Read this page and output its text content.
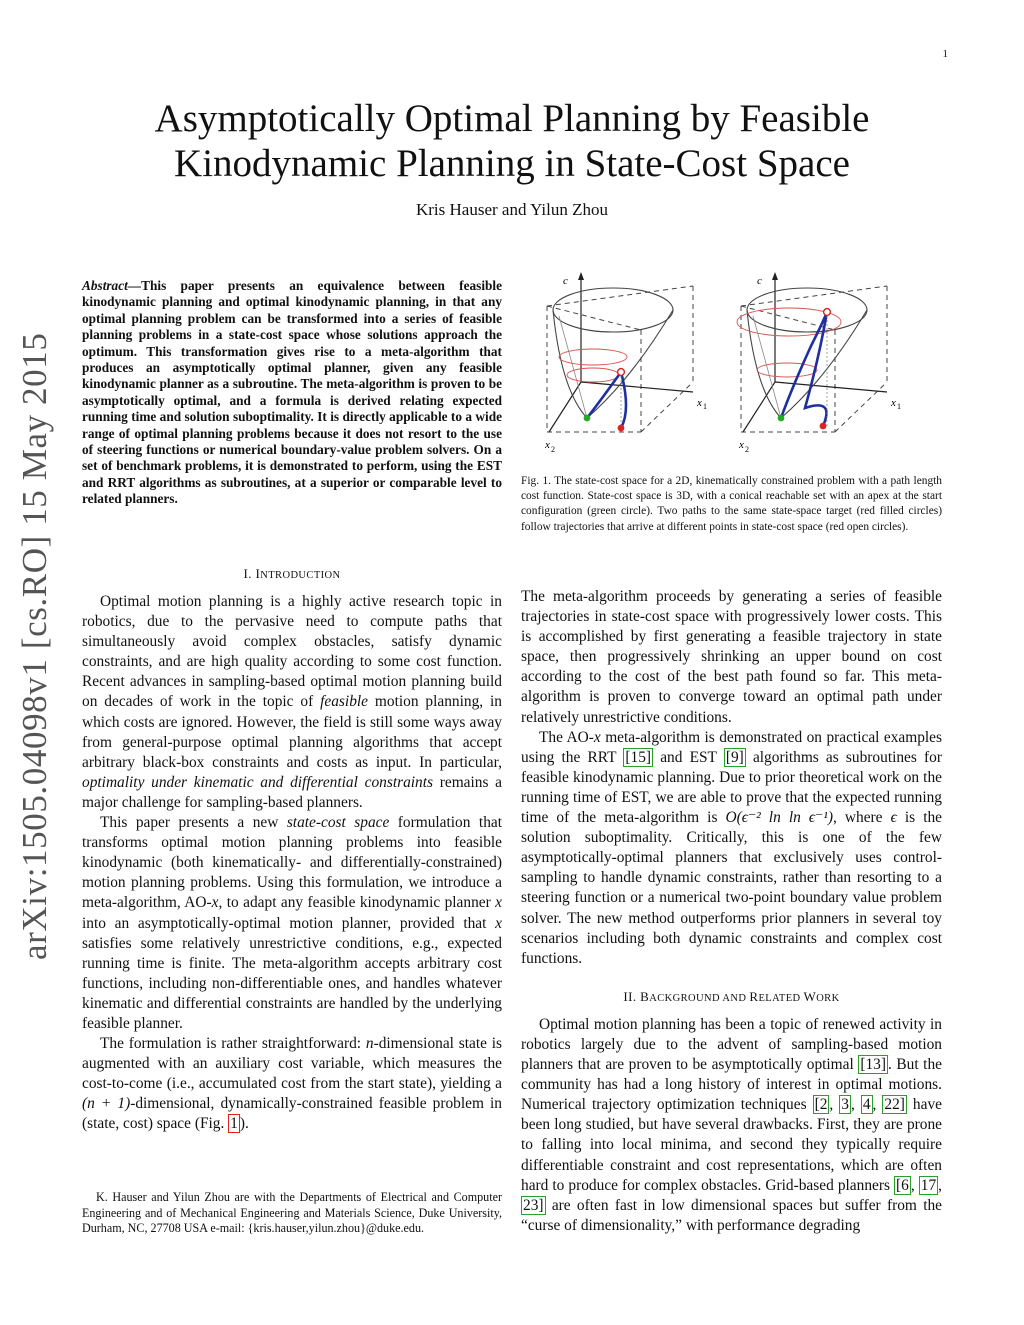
1
Asymptotically Optimal Planning by Feasible
Kinodynamic Planning in State-Cost Space
Kris Hauser and Yilun Zhou
arXiv:1505.04098v1 [cs.RO] 15 May 2015
Abstract—This paper presents an equivalence between feasible kinodynamic planning and optimal kinodynamic planning, in that any optimal planning problem can be transformed into a series of feasible planning problems in a state-cost space whose solutions approach the optimum. This transformation gives rise to a meta-algorithm that produces an asymptotically optimal planner, given any feasible kinodynamic planner as a subroutine. The meta-algorithm is proven to be asymptotically optimal, and a formula is derived relating expected running time and solution suboptimality. It is directly applicable to a wide range of optimal planning problems because it does not resort to the use of steering functions or numerical boundary-value problem solvers. On a set of benchmark problems, it is demonstrated to perform, using the EST and RRT algorithms as subroutines, at a superior or comparable level to related planners.
I. INTRODUCTION

Optimal motion planning is a highly active research topic in robotics, due to the pervasive need to compute paths that simultaneously avoid complex obstacles, satisfy dynamic constraints, and are high quality according to some cost function. Recent advances in sampling-based optimal motion planning build on decades of work in the topic of feasible motion planning, in which costs are ignored. However, the field is still some ways away from general-purpose optimal planning algorithms that accept arbitrary black-box constraints and costs as input. In particular, optimality under kinematic and differential constraints remains a major challenge for sampling-based planners.

This paper presents a new state-cost space formulation that transforms optimal motion planning problems into feasible kinodynamic (both kinematically- and differentially-constrained) motion planning problems. Using this formulation, we introduce a meta-algorithm, AO-x, to adapt any feasible kinodynamic planner x into an asymptotically-optimal motion planner, provided that x satisfies some relatively unrestrictive conditions, e.g., expected running time is finite. The meta-algorithm accepts arbitrary cost functions, including non-differentiable ones, and handles whatever kinematic and differential constraints are handled by the underlying feasible planner.

The formulation is rather straightforward: n-dimensional state is augmented with an auxiliary cost variable, which measures the cost-to-come (i.e., accumulated cost from the start state), yielding a (n + 1)-dimensional, dynamically-constrained feasible problem in (state, cost) space (Fig. 1 ).

K. Hauser and Yilun Zhou are with the Departments of Electrical and Computer Engineering and of Mechanical Engineering and Materials Science, Duke University, Durham, NC, 27708 USA e-mail: {kris.hauser,yilun.zhou}@duke.edu.
c
x 1
x 2
c
x 1
x 2
Fig. 1. The state-cost space for a 2D, kinematically constrained problem with a path length cost function. State-cost space is 3D, with a conical reachable set with an apex at the start configuration (green circle). Two paths to the same state-space target (red filled circles) follow trajectories that arrive at different points in state-cost space (red open circles).

The meta-algorithm proceeds by generating a series of feasible trajectories in state-cost space with progressively lower costs. This is accomplished by first generating a feasible trajectory in state space, then progressively shrinking an upper bound on cost according to the cost of the best path found so far. This meta-algorithm is proven to converge toward an optimal path under relatively unrestrictive conditions.

The AO-x meta-algorithm is demonstrated on practical examples using the RRT [15] and EST [9] algorithms as subroutines for feasible kinodynamic planning. Due to prior theoretical work on the running time of EST, we are able to prove that the expected running time of the meta-algorithm is O(ϵ⁻² ln ln ϵ⁻¹), where ϵ is the solution suboptimality. Critically, this is one of the few asymptotically-optimal planners that exclusively uses control-sampling to handle dynamic constraints, rather than resorting to a steering function or a numerical two-point boundary value problem solver. The new method outperforms prior planners in several toy scenarios including both dynamic constraints and complex cost functions.

II. BACKGROUND AND RELATED WORK

Optimal motion planning has been a topic of renewed activity in robotics largely due to the advent of sampling-based motion planners that are proven to be asymptotically optimal [13] . But the community has had a long history of interest in optimal motions. Numerical trajectory optimization techniques [2 , 3 , 4 , 22] have been long studied, but have several drawbacks. First, they are prone to falling into local minima, and second they typically require differentiable constraint and cost representations, which are often hard to produce for complex obstacles. Grid-based planners [6 , 17 , 23] are often fast in low dimensional spaces but suffer from the “curse of dimensionality,” with performance degrading
